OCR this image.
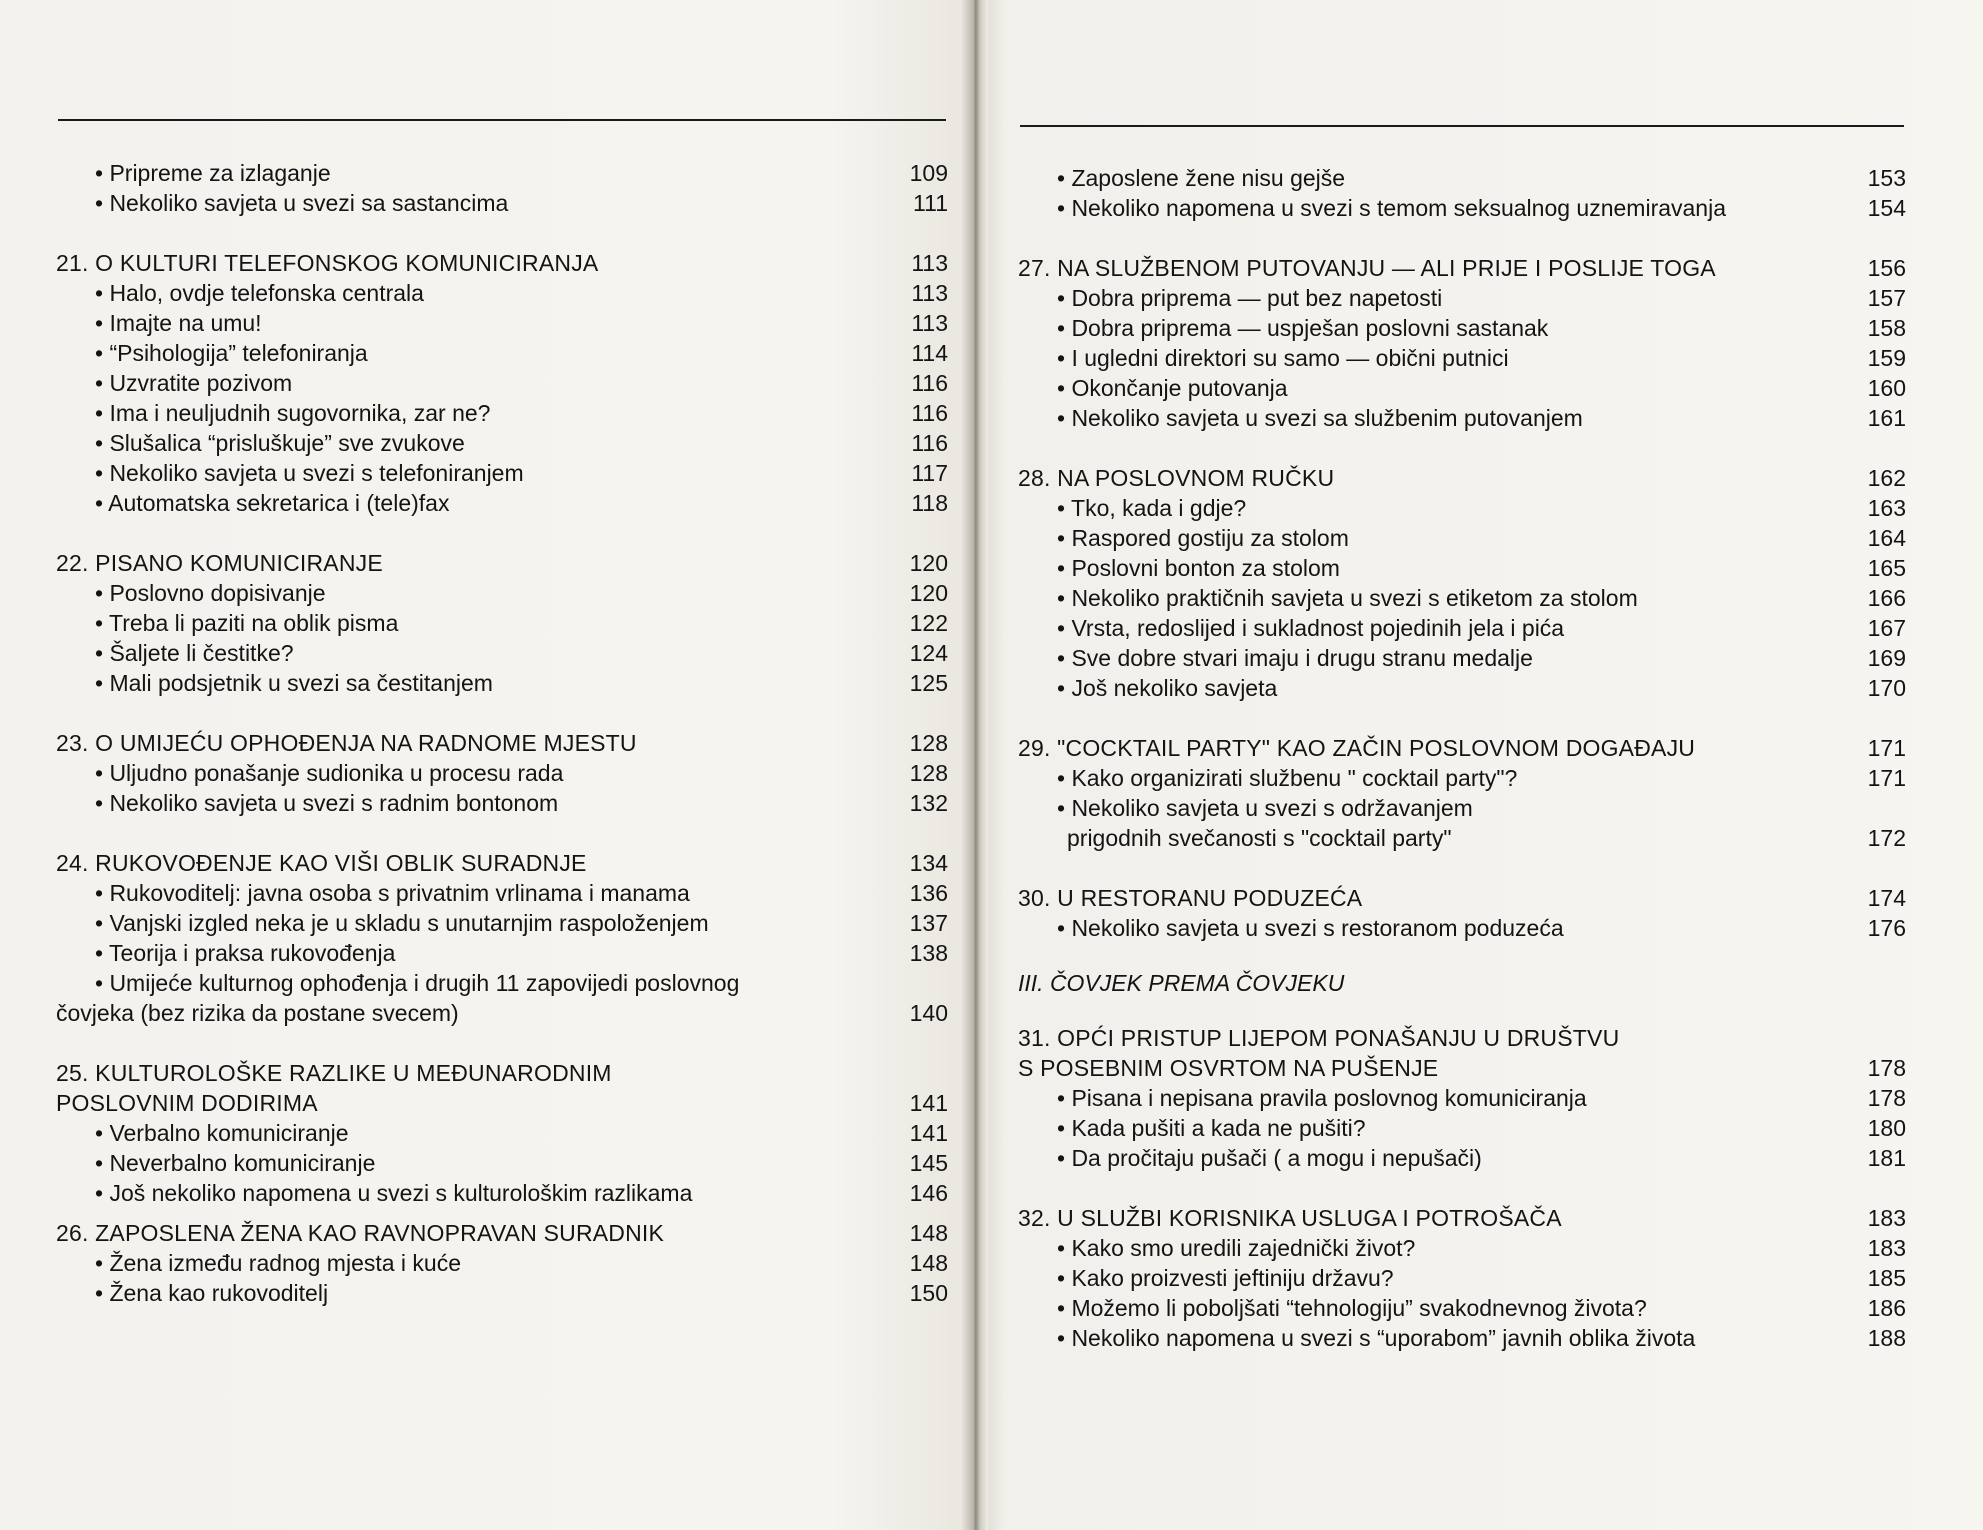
• Pripreme za izlaganje	109
• Nekoliko savjeta u svezi sa sastancima	111
21. O KULTURI TELEFONSKOG KOMUNICIRANJA	113
• Halo, ovdje telefonska centrala	113
• Imajte na umu!	113
• “Psihologija” telefoniranja	114
• Uzvratite pozivom	116
• Ima i neuljudnih sugovornika, zar ne?	116
• Slušalica “prisluškuje” sve zvukove	116
• Nekoliko savjeta u svezi s telefoniranjem	117
• Automatska sekretarica i (tele)fax	118
22. PISANO KOMUNICIRANJE	120
• Poslovno dopisivanje	120
• Treba li paziti na oblik pisma	122
• Šaljete li čestitke?	124
• Mali podsjetnik u svezi sa čestitanjem	125
23. O UMIJEĆU OPHOĐENJA NA RADNOME MJESTU	128
• Uljudno ponašanje sudionika u procesu rada	128
• Nekoliko savjeta u svezi s radnim bontonom	132
24. RUKOVOĐENJE KAO VIŠI OBLIK SURADNJE	134
• Rukovoditelj: javna osoba s privatnim vrlinama i manama	136
• Vanjski izgled neka je u skladu s unutarnjim raspoloženjem	137
• Teorija i praksa rukovođenja	138
• Umijeće kulturnog ophođenja i drugih 11 zapovijedi poslovnog
čovjeka (bez rizika da postane svecem)	140
25. KULTUROLOŠKE RAZLIKE U MEĐUNARODNIM
POSLOVNIM DODIRIMA	141
• Verbalno komuniciranje	141
• Neverbalno komuniciranje	145
• Još nekoliko napomena u svezi s kulturološkim razlikama	146
26. ZAPOSLENA ŽENA KAO RAVNOPRAVAN SURADNIK	148
• Žena između radnog mjesta i kuće	148
• Žena kao rukovoditelj	150
• Zaposlene žene nisu gejše	153
• Nekoliko napomena u svezi s temom seksualnog uznemiravanja	154
27. NA SLUŽBENOM PUTOVANJU — ALI PRIJE I POSLIJE TOGA	156
• Dobra priprema — put bez napetosti	157
• Dobra priprema — uspješan poslovni sastanak	158
• I ugledni direktori su samo — obični putnici	159
• Okončanje putovanja	160
• Nekoliko savjeta u svezi sa službenim putovanjem	161
28. NA POSLOVNOM RUČKU	162
• Tko, kada i gdje?	163
• Raspored gostiju za stolom	164
• Poslovni bonton za stolom	165
• Nekoliko praktičnih savjeta u svezi s etiketom za stolom	166
• Vrsta, redoslijed i sukladnost pojedinih jela i pića	167
• Sve dobre stvari imaju i drugu stranu medalje	169
• Još nekoliko savjeta	170
29. "COCKTAIL PARTY" KAO ZAČIN POSLOVNOM DOGAĐAJU	171
• Kako organizirati službenu " cocktail party"?	171
• Nekoliko savjeta u svezi s održavanjem
prigodnih svečanosti s "cocktail party"	172
30. U RESTORANU PODUZEĆA	174
• Nekoliko savjeta u svezi s restoranom poduzeća	176
III. ČOVJEK PREMA ČOVJEKU
31. OPĆI PRISTUP LIJEPOM PONAŠANJU U DRUŠTVU
S POSEBNIM OSVRTOM NA PUŠENJE	178
• Pisana i nepisana pravila poslovnog komuniciranja	178
• Kada pušiti a kada ne pušiti?	180
• Da pročitaju pušači ( a mogu i nepušači)	181
32. U SLUŽBI KORISNIKA USLUGA I POTROŠAČA	183
• Kako smo uredili zajednički život?	183
• Kako proizvesti jeftiniju državu?	185
• Možemo li poboljšati “tehnologiju” svakodnevnog života?	186
• Nekoliko napomena u svezi s “uporabom” javnih oblika života	188
